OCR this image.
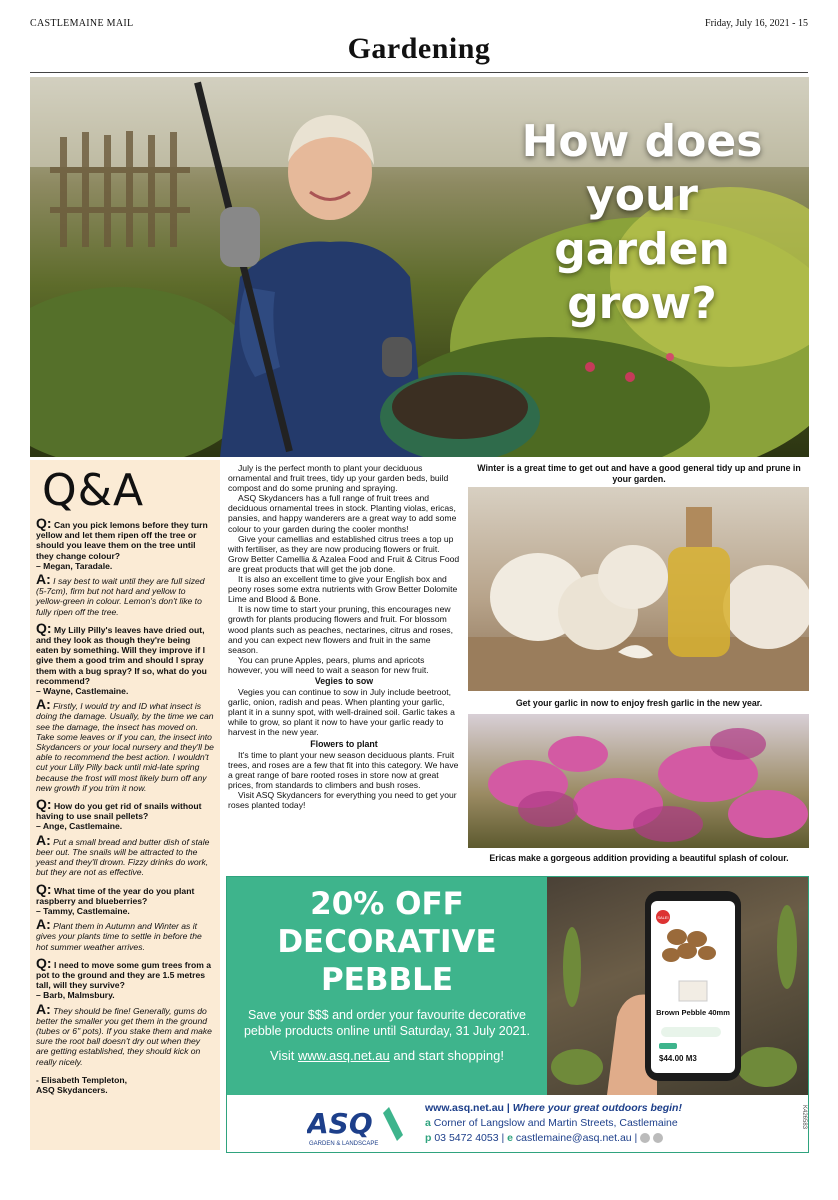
CASTLEMAINE MAIL	Friday, July 16, 2021 - 15
Gardening
How does your garden grow?
Q&A
Q: Can you pick lemons before they turn yellow and let them ripen off the tree or should you leave them on the tree until they change colour?
– Megan, Taradale.
A: I say best to wait until they are full sized (5-7cm), firm but not hard and yellow to yellow-green in colour. Lemon's don't like to fully ripen off the tree.
Q: My Lilly Pilly's leaves have dried out, and they look as though they're being eaten by something. Will they improve if I give them a good trim and should I spray them with a bug spray? If so, what do you recommend?
– Wayne, Castlemaine.
A: Firstly, I would try and ID what insect is doing the damage. Usually, by the time we can see the damage, the insect has moved on. Take some leaves or if you can, the insect into Skydancers or your local nursery and they'll be able to recommend the best action. I wouldn't cut your Lilly Pilly back until mid-late spring because the frost will most likely burn off any new growth if you trim it now.
Q: How do you get rid of snails without having to use snail pellets?
– Ange, Castlemaine.
A: Put a small bread and butter dish of stale beer out. The snails will be attracted to the yeast and they'll drown. Fizzy drinks do work, but they are not as effective.
Q: What time of the year do you plant raspberry and blueberries?
– Tammy, Castlemaine.
A: Plant them in Autumn and Winter as it gives your plants time to settle in before the hot summer weather arrives.
Q: I need to move some gum trees from a pot to the ground and they are 1.5 metres tall, will they survive?
– Barb, Malmsbury.
A: They should be fine! Generally, gums do better the smaller you get them in the ground (tubes or 6" pots). If you stake them and make sure the root ball doesn't dry out when they are getting established, they should kick on really nicely.
- Elisabeth Templeton,
ASQ Skydancers.

July is the perfect month to plant your deciduous ornamental and fruit trees, tidy up your garden beds, build compost and do some pruning and spraying.

ASQ Skydancers has a full range of fruit trees and deciduous ornamental trees in stock. Planting violas, ericas, pansies, and happy wanderers are a great way to add some colour to your garden during the cooler months!

Give your camellias and established citrus trees a top up with fertiliser, as they are now producing flowers or fruit. Grow Better Camellia & Azalea Food and Fruit & Citrus Food are great products that will get the job done.

It is also an excellent time to give your English box and peony roses some extra nutrients with Grow Better Dolomite Lime and Blood & Bone.

It is now time to start your pruning, this encourages new growth for plants producing flowers and fruit. For blossom wood plants such as peaches, nectarines, citrus and roses, and you can expect new flowers and fruit in the same season.

You can prune Apples, pears, plums and apricots however, you will need to wait a season for new fruit.

Vegies to sow

Vegies you can continue to sow in July include beetroot, garlic, onion, radish and peas. When planting your garlic, plant it in a sunny spot, with well-drained soil. Garlic takes a while to grow, so plant it now to have your garlic ready to harvest in the new year.

Flowers to plant

It's time to plant your new season deciduous plants. Fruit trees, and roses are a few that fit into this category. We have a great range of bare rooted roses in store now at great prices, from standards to climbers and bush roses.

Visit ASQ Skydancers for everything you need to get your roses planted today!

Winter is a great time to get out and have a good general tidy up and prune in your garden.
Get your garlic in now to enjoy fresh garlic in the new year.
Ericas make a gorgeous addition providing a beautiful splash of colour.
20% OFF
DECORATIVE
PEBBLE
Save your $$$ and order your favourite decorative pebble products online until Saturday, 31 July 2021.
Visit www.asq.net.au and start shopping!
SALE!
Brown Pebble 40mm
$44.00 M3
ASQ
GARDEN & LANDSCAPE
www.asq.net.au | Where your great outdoors begin!
a Corner of Langslow and Martin Streets, Castlemaine
p 03 5472 4053 | e castlemaine@asq.net.au |
K426583
